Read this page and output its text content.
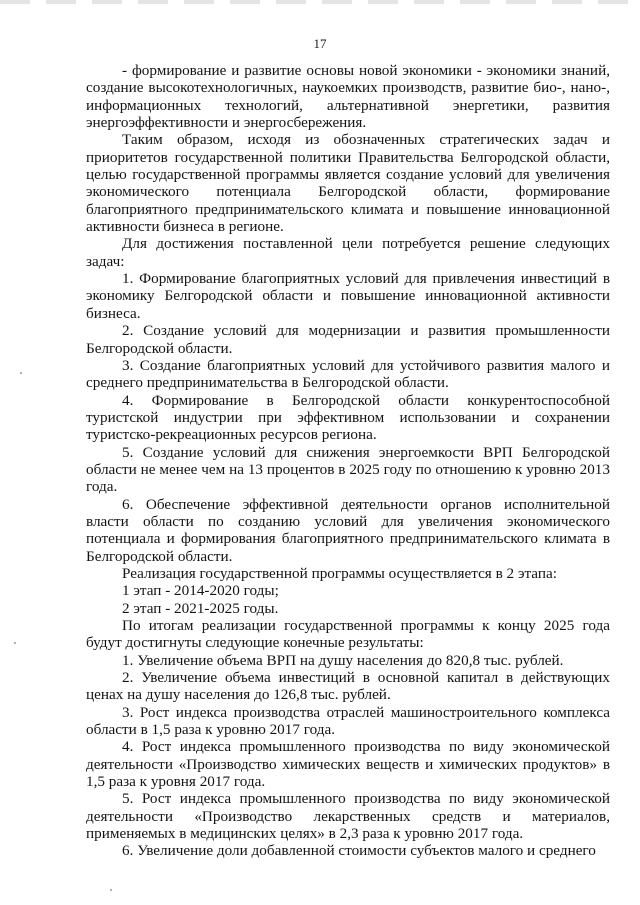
17

- формирование и развитие основы новой экономики - экономики знаний, создание высокотехнологичных, наукоемких производств, развитие био-, нано-, информационных технологий, альтернативной энергетики, развития энергоэффективности и энергосбережения.

Таким образом, исходя из обозначенных стратегических задач и приоритетов государственной политики Правительства Белгородской области, целью государственной программы является создание условий для увеличения экономического потенциала Белгородской области, формирование благоприятного предпринимательского климата и повышение инновационной активности бизнеса в регионе.

Для достижения поставленной цели потребуется решение следующих задач:

1. Формирование благоприятных условий для привлечения инвестиций в экономику Белгородской области и повышение инновационной активности бизнеса.

2. Создание условий для модернизации и развития промышленности Белгородской области.

3. Создание благоприятных условий для устойчивого развития малого и среднего предпринимательства в Белгородской области.

4. Формирование в Белгородской области конкурентоспособной туристской индустрии при эффективном использовании и сохранении туристско-рекреационных ресурсов региона.

5. Создание условий для снижения энергоемкости ВРП Белгородской области не менее чем на 13 процентов в 2025 году по отношению к уровню 2013 года.

6. Обеспечение эффективной деятельности органов исполнительной власти области по созданию условий для увеличения экономического потенциала и формирования благоприятного предпринимательского климата в Белгородской области.

Реализация государственной программы осуществляется в 2 этапа:

1 этап - 2014-2020 годы;

2 этап - 2021-2025 годы.

По итогам реализации государственной программы к концу 2025 года будут достигнуты следующие конечные результаты:

1. Увеличение объема ВРП на душу населения до 820,8 тыс. рублей.

2. Увеличение объема инвестиций в основной капитал в действующих ценах на душу населения до 126,8 тыс. рублей.

3. Рост индекса производства отраслей машиностроительного комплекса области в 1,5 раза к уровню 2017 года.

4. Рост индекса промышленного производства по виду экономической деятельности «Производство химических веществ и химических продуктов» в 1,5 раза к уровня 2017 года.

5. Рост индекса промышленного производства по виду экономической деятельности «Производство лекарственных средств и материалов, применяемых в медицинских целях» в 2,3 раза к уровню 2017 года.

6. Увеличение доли добавленной стоимости субъектов малого и среднего
